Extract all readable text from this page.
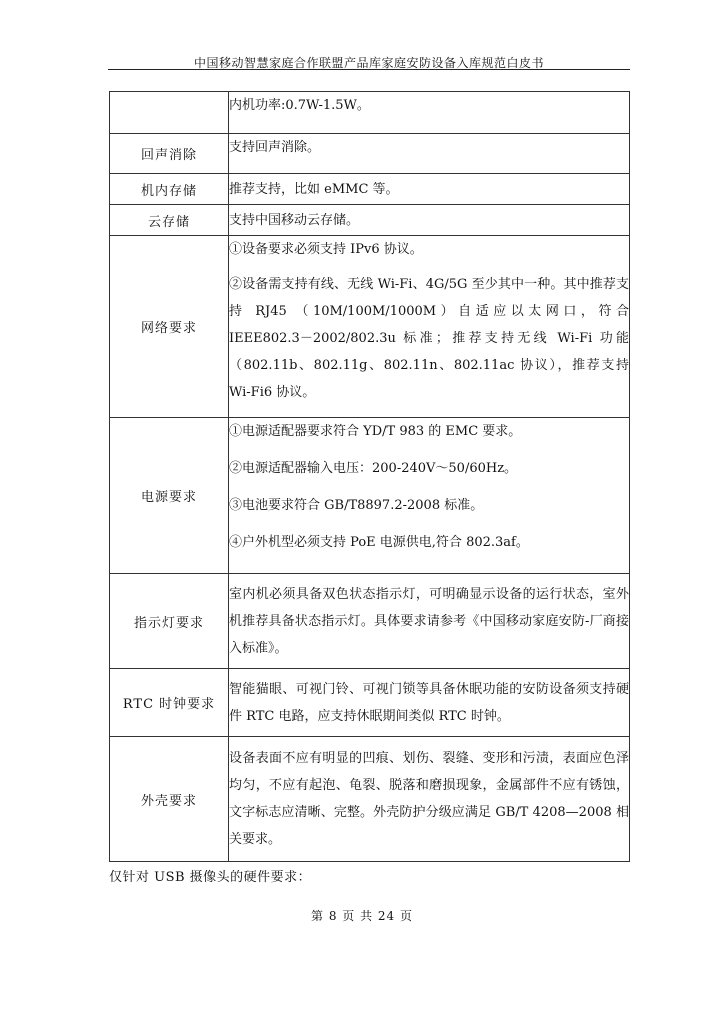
中国移动智慧家庭合作联盟产品库家庭安防设备入库规范白皮书

	内机功率:0.7W-1.5W。

回声消除	支持回声消除。

机内存储	推荐支持，比如 eMMC 等。

云存储	支持中国移动云存储。

网络要求	①设备要求必须支持 IPv6 协议。

②设备需支持有线、无线 Wi-Fi、4G/5G 至少其中一种。其中推荐支持 RJ45 （10M/100M/1000M）自适应以太网口，符合 IEEE802.3－2002/802.3u 标准；推荐支持无线 Wi-Fi 功能（802.11b、802.11g、802.11n、802.11ac 协议），推荐支持 Wi-Fi6 协议。

电源要求	①电源适配器要求符合 YD/T 983 的 EMC 要求。

②电源适配器输入电压：200-240V～50/60Hz。

③电池要求符合 GB/T8897.2-2008 标准。

④户外机型必须支持 PoE 电源供电,符合 802.3af。

指示灯要求	室内机必须具备双色状态指示灯，可明确显示设备的运行状态，室外机推荐具备状态指示灯。具体要求请参考《中国移动家庭安防-厂商接入标准》。

RTC 时钟要求	智能猫眼、可视门铃、可视门锁等具备休眠功能的安防设备须支持硬件 RTC 电路，应支持休眠期间类似 RTC 时钟。

外壳要求	设备表面不应有明显的凹痕、划伤、裂缝、变形和污渍，表面应色泽均匀，不应有起泡、龟裂、脱落和磨损现象，金属部件不应有锈蚀，文字标志应清晰、完整。外壳防护分级应满足 GB/T 4208—2008 相关要求。

仅针对 USB 摄像头的硬件要求：
第 8 页 共 24 页
